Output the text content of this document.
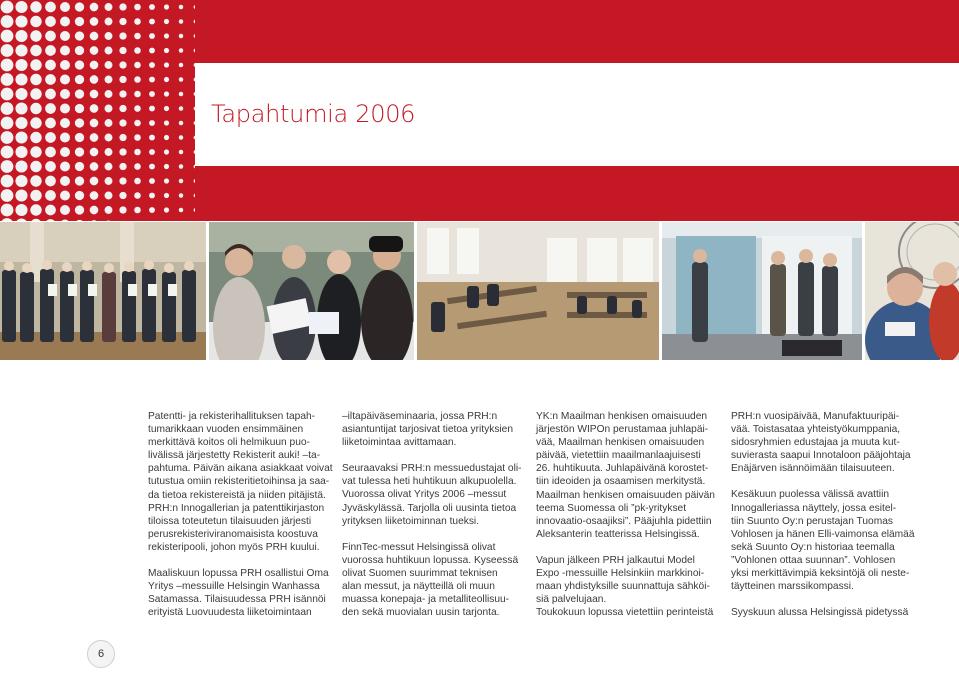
Tapahtumia 2006

Patentti- ja rekisterihallituksen tapah-
tumarikkaan vuoden ensimmäinen
merkittävä koitos oli helmikuun puo-
livälissä järjestetty Rekisterit auki! –ta-
pahtuma. Päivän aikana asiakkaat voivat
tutustua omiin rekisteritietoihinsa ja saa-
da tietoa rekistereistä ja niiden pitäjistä.
PRH:n Innogallerian ja patenttikirjaston
tiloissa toteutetun tilaisuuden järjesti
perusrekisteriviranomaisista koostuva
rekisteripooli, johon myös PRH kuului.

Maaliskuun lopussa PRH osallistui Oma
Yritys –messuille Helsingin Wanhassa
Satamassa. Tilaisuudessa PRH isännöi
erityistä Luovuudesta liiketoimintaan

–iltapäiväseminaaria, jossa PRH:n
asiantuntijat tarjosivat tietoa yrityksien
liiketoimintaa avittamaan.

Seuraavaksi PRH:n messuedustajat oli-
vat tulessa heti huhtikuun alkupuolella.
Vuorossa olivat Yritys 2006 –messut
Jyväskylässä. Tarjolla oli uusinta tietoa
yrityksen liiketoiminnan tueksi.

FinnTec-messut Helsingissä olivat
vuorossa huhtikuun lopussa. Kyseessä
olivat Suomen suurimmat teknisen
alan messut, ja näytteillä oli muun
muassa konepaja- ja metalliteollisuu-
den sekä muovialan uusin tarjonta.

YK:n Maailman henkisen omaisuuden
järjestön WIPOn perustamaa juhlapäi-
vää, Maailman henkisen omaisuuden
päivää, vietettiin maailmanlaajuisesti
26. huhtikuuta. Juhlapäivänä korostet-
tiin ideoiden ja osaamisen merkitystä.
Maailman henkisen omaisuuden päivän
teema Suomessa oli ”pk-yritykset
innovaatio-osaajiksi”. Pääjuhla pidettiin
Aleksanterin teatterissa Helsingissä.

Vapun jälkeen PRH jalkautui Model
Expo -messuille Helsinkiin markkinoi-
maan yhdistyksille suunnattuja sähköi-
siä palvelujaan.
Toukokuun lopussa vietettiin perinteistä

PRH:n vuosipäivää, Manufaktuuripäi-
vää. Toistasataa yhteistyökumppania,
sidosryhmien edustajaa ja muuta kut-
suvierasta saapui Innotaloon pääjohtaja
Enäjärven isännöimään tilaisuuteen.

Kesäkuun puolessa välissä avattiin
Innogalleriassa näyttely, jossa esitel-
tiin Suunto Oy:n perustajan Tuomas
Vohlosen ja hänen Elli-vaimonsa elämää
sekä Suunto Oy:n historiaa teemalla
”Vohlonen ottaa suunnan”. Vohlosen
yksi merkittävimpiä keksintöjä oli neste-
täytteinen marssikompassi.

Syyskuun alussa Helsingissä pidetyssä

6
